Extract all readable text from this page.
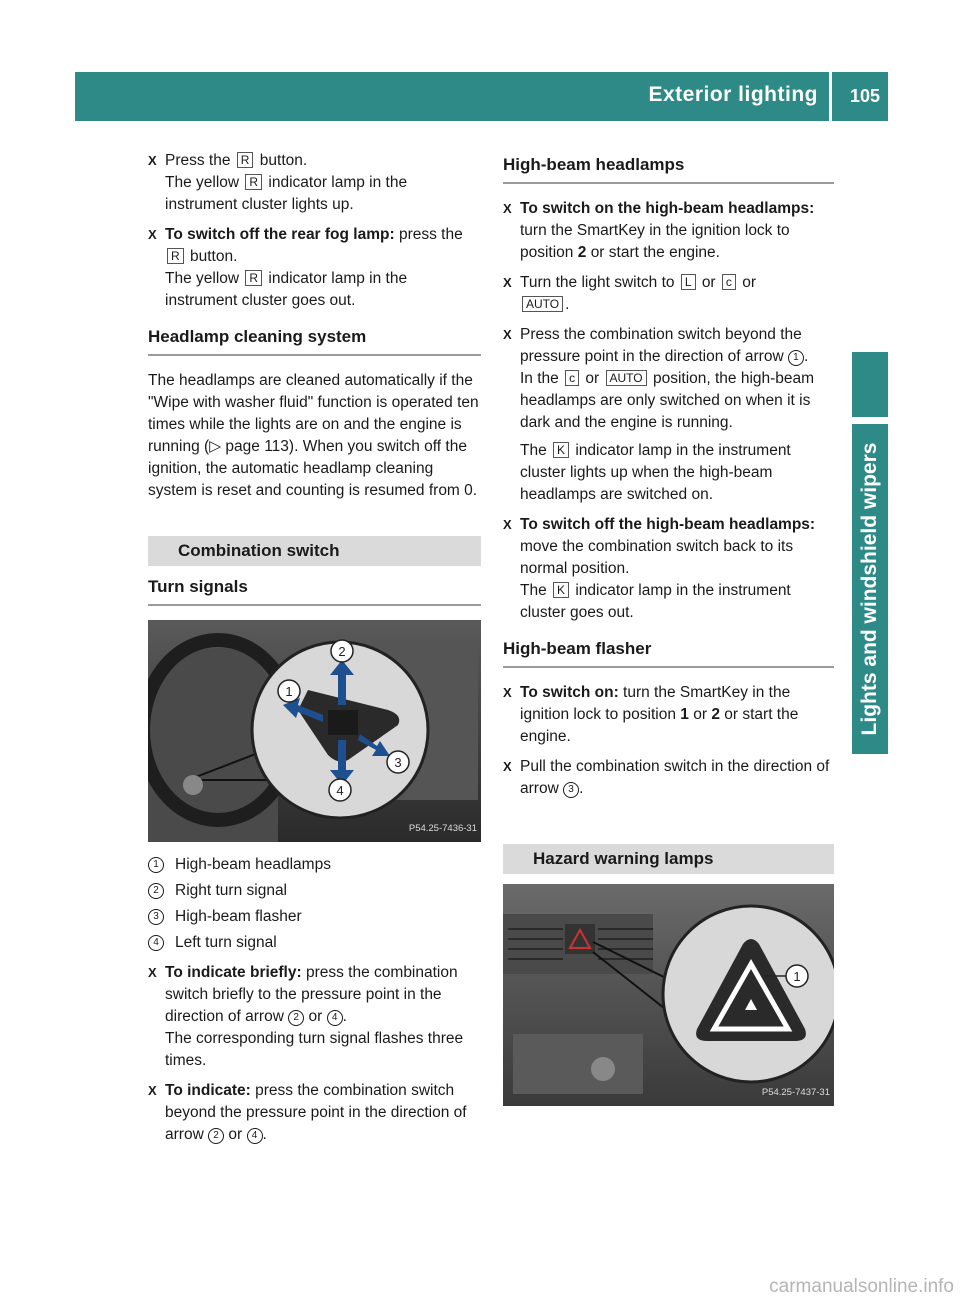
Exterior lighting 105
Lights and windshield wipers
X Press the R button.
The yellow R indicator lamp in the instrument cluster lights up.
X To switch off the rear fog lamp: press the R button.
The yellow R indicator lamp in the instrument cluster goes out.
Headlamp cleaning system

The headlamps are cleaned automatically if the "Wipe with washer fluid" function is operated ten times while the lights are on and the engine is running (▷ page 113). When you switch off the ignition, the automatic headlamp cleaning system is reset and counting is resumed from 0.

Combination switch
Turn signals
2
1
3
4
P54.25-7436-31
1	High-beam headlamps
2	Right turn signal
3	High-beam flasher
4	Left turn signal
X To indicate briefly: press the combination switch briefly to the pressure point in the direction of arrow 2 or 4 .
The corresponding turn signal flashes three times.
X To indicate: press the combination switch beyond the pressure point in the direction of arrow 2 or 4 .
High-beam headlamps
X To switch on the high-beam headlamps: turn the SmartKey in the ignition lock to position 2 or start the engine.
X Turn the light switch to L or c or
AUTO .
X Press the combination switch beyond the pressure point in the direction of arrow 1 .
In the c or AUTO position, the high-beam headlamps are only switched on when it is dark and the engine is running.
The K indicator lamp in the instrument cluster lights up when the high-beam headlamps are switched on.
X To switch off the high-beam headlamps: move the combination switch back to its normal position.
The K indicator lamp in the instrument cluster goes out.
High-beam flasher
X To switch on: turn the SmartKey in the ignition lock to position 1 or 2 or start the engine.
X Pull the combination switch in the direction of arrow 3 .
Hazard warning lamps
1
P54.25-7437-31
carmanualsonline.info
